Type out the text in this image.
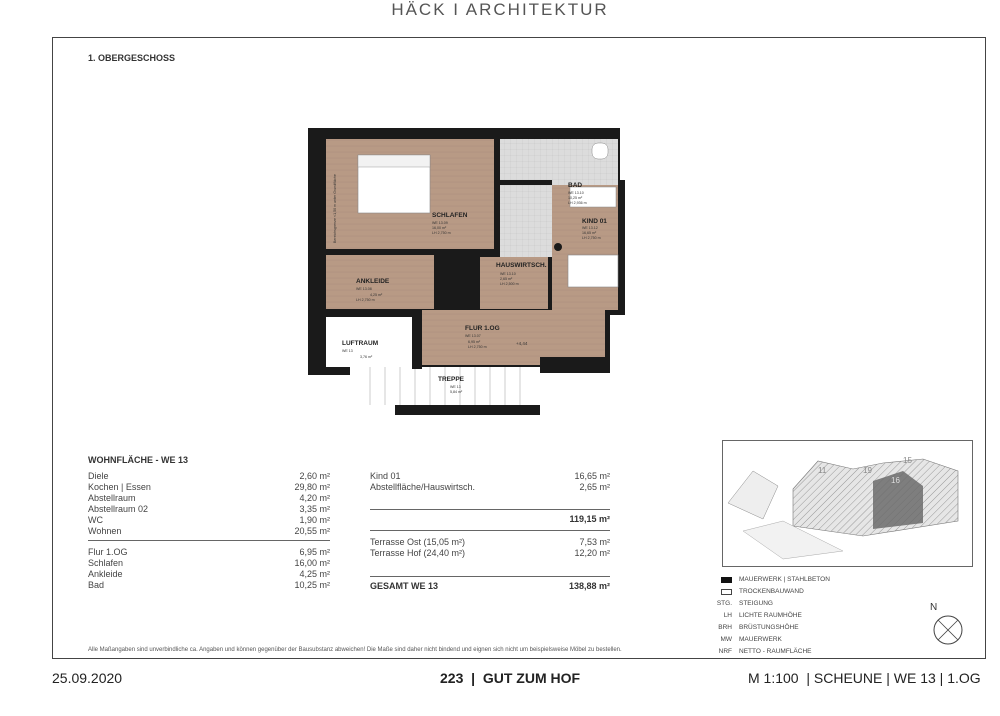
HÄCK I ARCHITEKTUR
1. OBERGESCHOSS
SCHLAFEN
WE 13.09
16,00 m²
LH 2,750 m
BAD
WE 13.10
10,25 m²
LH 2,936 m
KIND 01
WE 13.12
16,65 m²
LH 2,750 m
HAUSWIRTSCH.
WE 13.10
2,65 m²
LH 2,500 m
ANKLEIDE
WE 13.08
4,25 m²
LH 2,750 m
FLUR 1.OG
WE 13.07
6,95 m²
LH 2,750 m
+4,44
LUFTRAUM
WE 13
3,76 m²
TREPPE
WE 13
5,84 m²
Bereichsgrenze <1,50 m unter Grundfläche
WOHNFLÄCHE - WE 13
Diele	2,60 m²
Kochen | Essen	29,80 m²
Abstellraum	4,20 m²
Abstellraum 02	3,35 m²
WC	1,90 m²
Wohnen	20,55 m²
Flur 1.OG	6,95 m²
Schlafen	16,00 m²
Ankleide	4,25 m²
Bad	10,25 m²
Kind 01	16,65 m²
Abstellfläche/Hauswirtsch.	2,65 m²
119,15 m²
Terrasse Ost (15,05 m²)	7,53 m²
Terrasse Hof (24,40 m²)	12,20 m²
GESAMT WE 13	138,88 m²
Alle Maßangaben sind unverbindliche ca. Angaben und können gegenüber der Bausubstanz abweichen! Die Maße sind daher nicht bindend und eignen sich nicht um beispielsweise Möbel zu bestellen.
11	19
15
16
MAUERWERK | STAHLBETON
TROCKENBAUWAND
STG. STEIGUNG
LH LICHTE RAUMHÖHE
BRH BRÜSTUNGSHÖHE
MW MAUERWERK
NRF NETTO - RAUMFLÄCHE
N
25.09.2020	223  |  GUT ZUM HOF	M 1:100  | SCHEUNE | WE 13 | 1.OG
